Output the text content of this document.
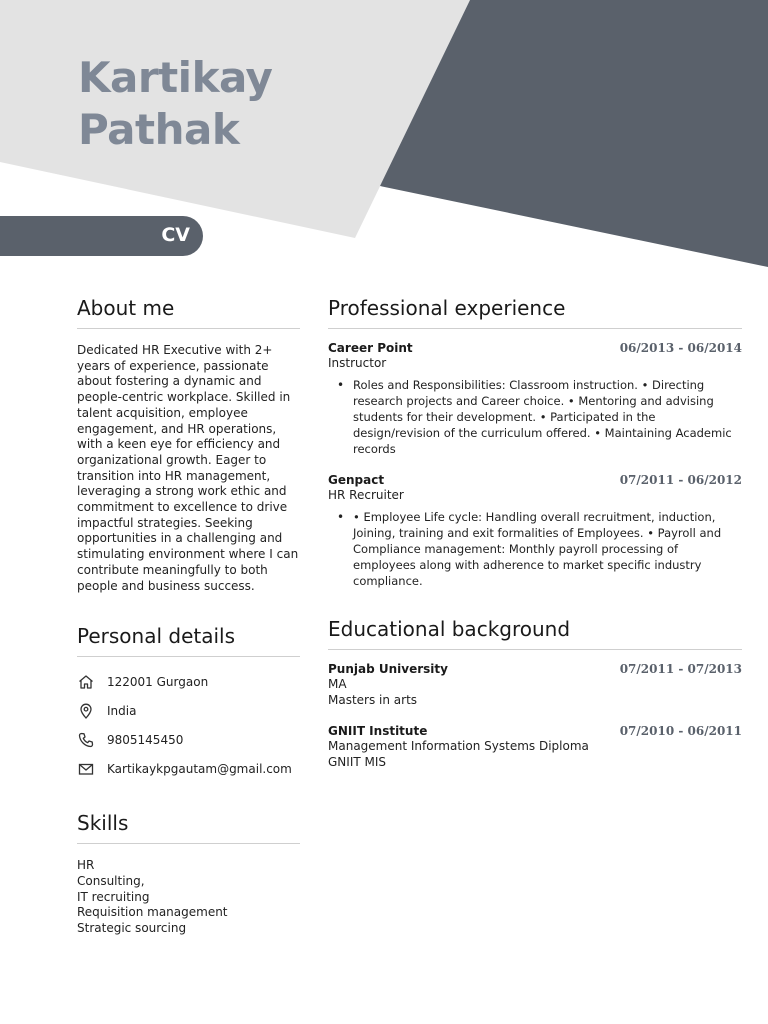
Kartikay
Pathak
CV
About me

Dedicated HR Executive with 2+ years of experience, passionate about fostering a dynamic and people-centric workplace. Skilled in talent acquisition, employee engagement, and HR operations, with a keen eye for efficiency and organizational growth. Eager to transition into HR management, leveraging a strong work ethic and commitment to excellence to drive impactful strategies. Seeking opportunities in a challenging and stimulating environment where I can contribute meaningfully to both people and business success.

Personal details
122001 Gurgaon
India
9805145450
Kartikaykpgautam@gmail.com
Skills
HR
Consulting,
IT recruiting
Requisition management
Strategic sourcing
Professional experience
Career Point	06/2013 - 06/2014
Instructor
• Roles and Responsibilities: Classroom instruction. • Directing research projects and Career choice. • Mentoring and advising students for their development. • Participated in the design/revision of the curriculum offered. • Maintaining Academic records
Genpact	07/2011 - 06/2012
HR Recruiter
• • Employee Life cycle: Handling overall recruitment, induction, Joining, training and exit formalities of Employees. • Payroll and Compliance management: Monthly payroll processing of employees along with adherence to market specific industry compliance.
Educational background
Punjab University	07/2011 - 07/2013
MA
Masters in arts
GNIIT Institute	07/2010 - 06/2011
Management Information Systems Diploma
GNIIT MIS
